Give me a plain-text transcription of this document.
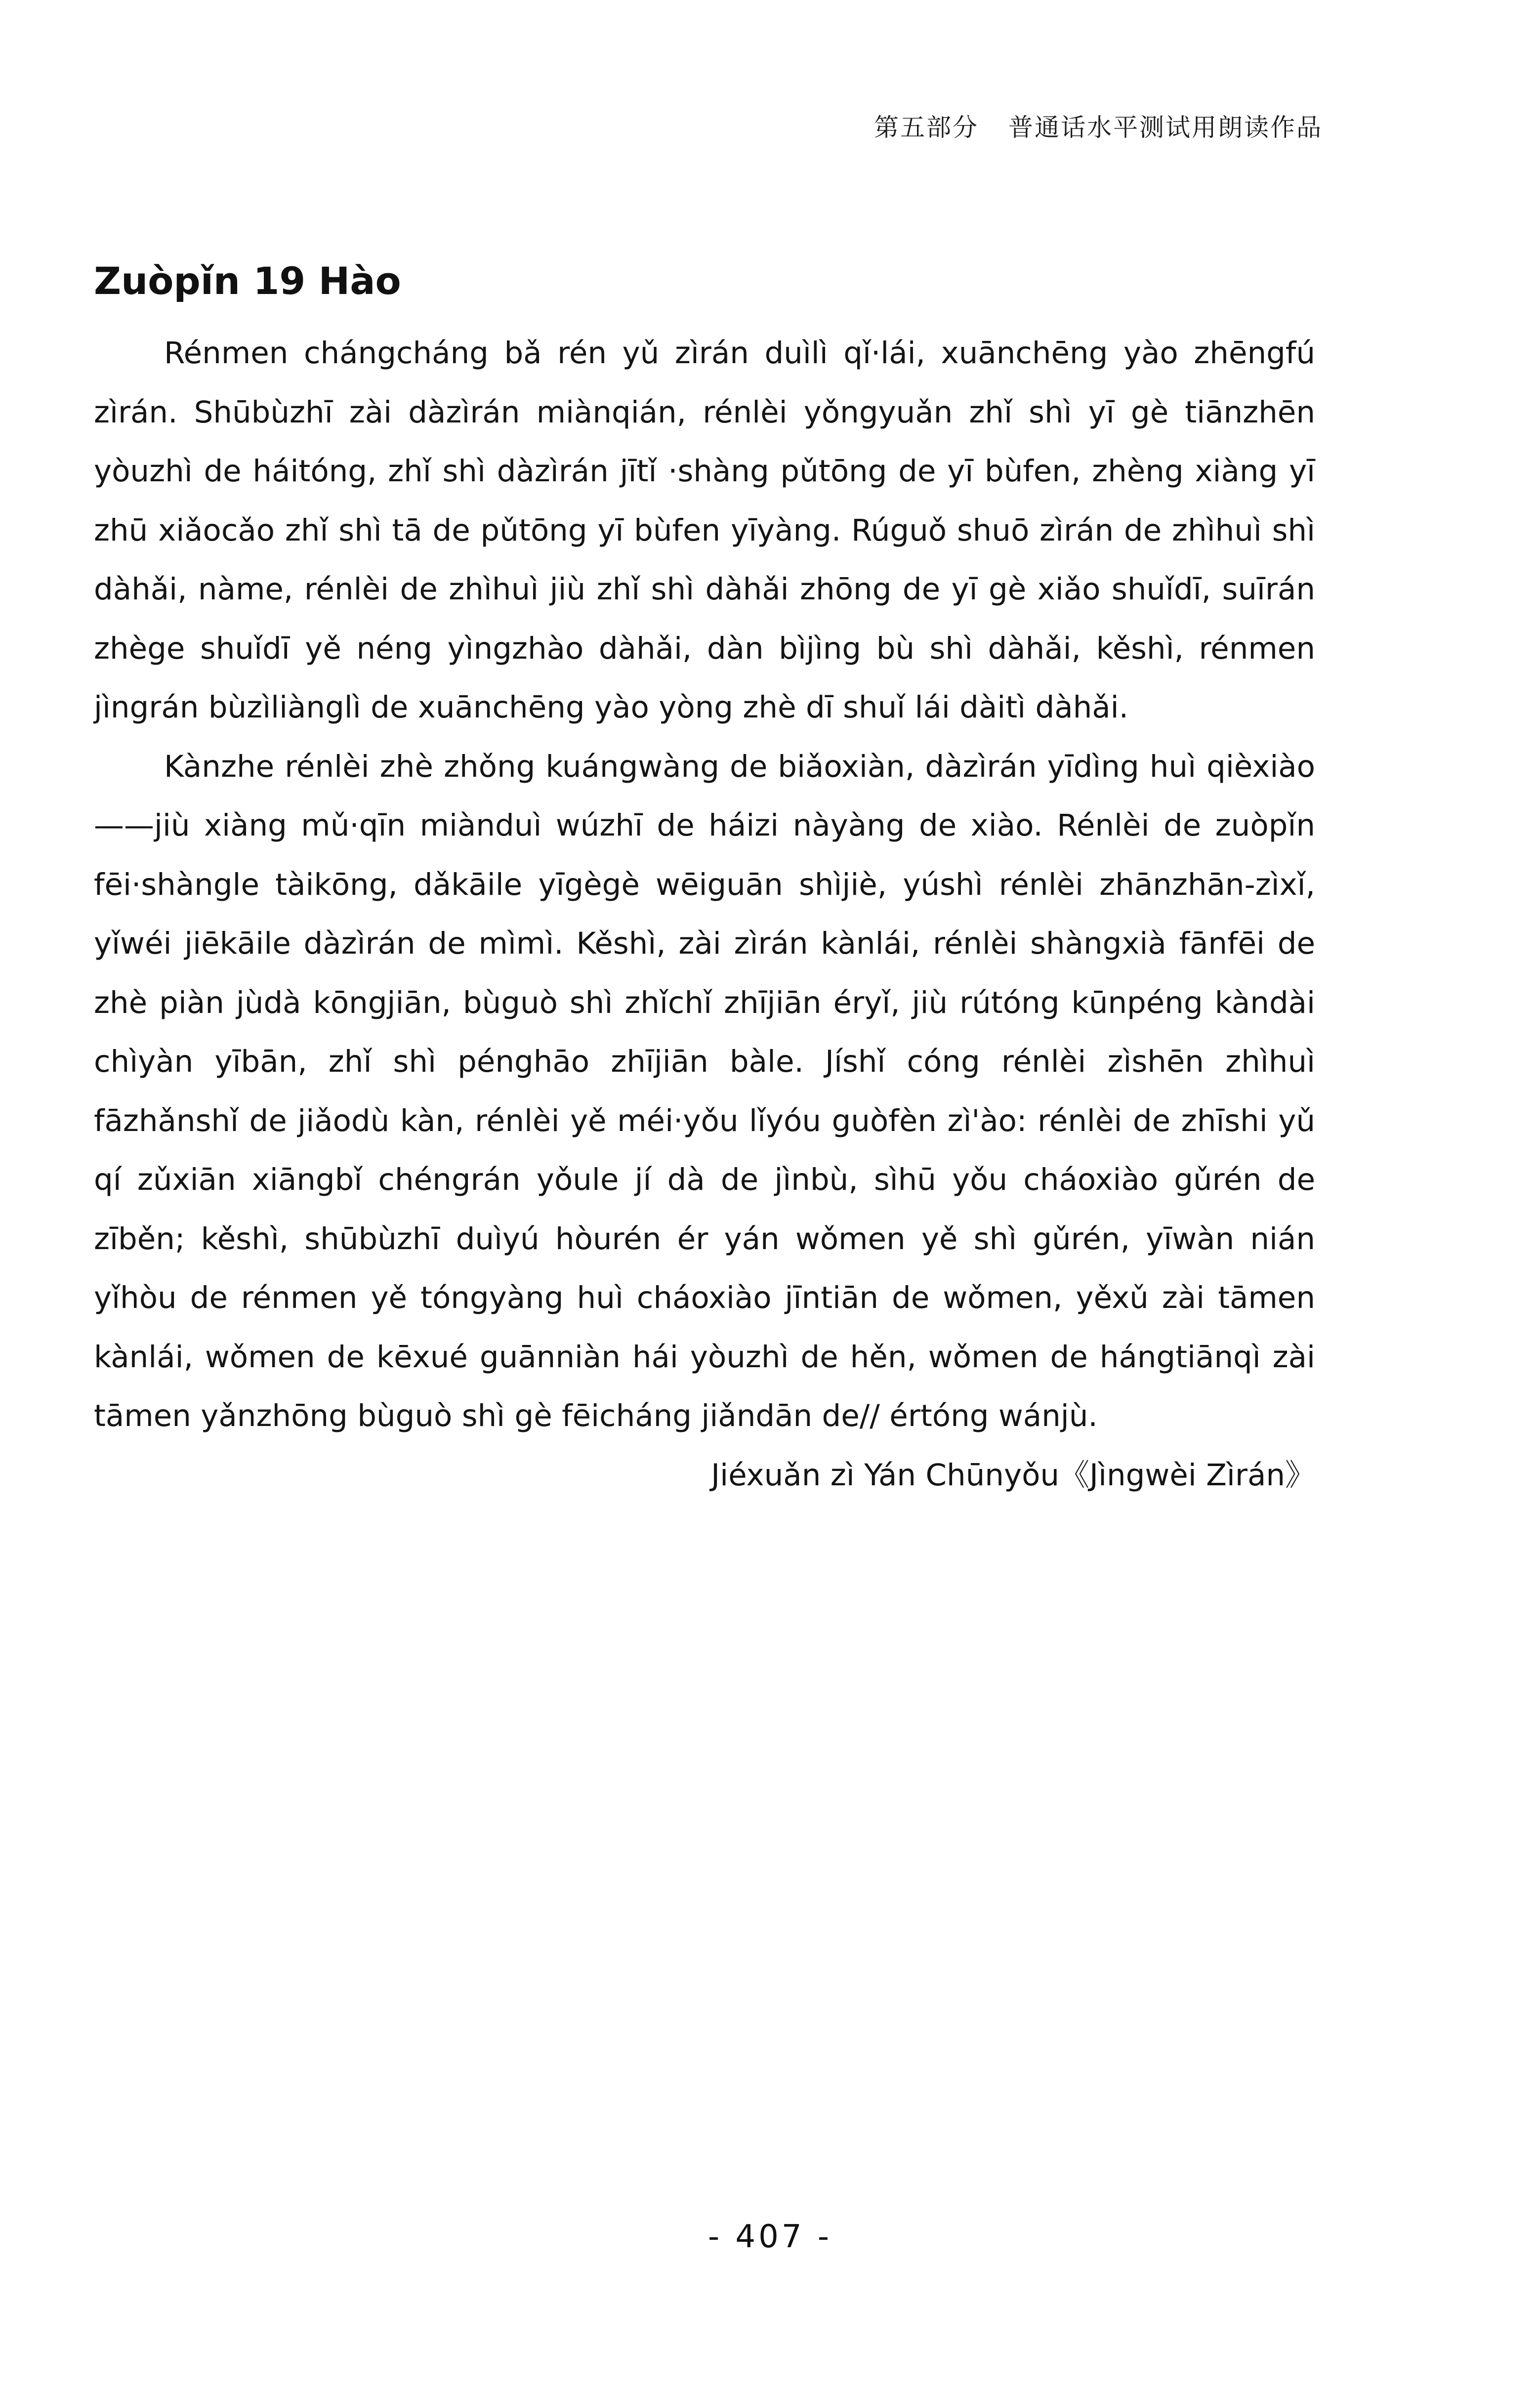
第五部分 普通话水平测试用朗读作品
Zuòpǐn 19 Hào

Rénmen chángcháng bǎ rén yǔ zìrán duìlì qǐ·lái, xuānchēng yào zhēngfú zìrán. Shūbùzhī zài dàzìrán miànqián, rénlèi yǒngyuǎn zhǐ shì yī gè tiānzhēn yòuzhì de háitóng, zhǐ shì dàzìrán jītǐ ·shàng pǔtōng de yī bùfen, zhèng xiàng yī zhū xiǎocǎo zhǐ shì tā de pǔtōng yī bùfen yīyàng. Rúguǒ shuō zìrán de zhìhuì shì dàhǎi, nàme, rénlèi de zhìhuì jiù zhǐ shì dàhǎi zhōng de yī gè xiǎo shuǐdī, suīrán zhège shuǐdī yě néng yìngzhào dàhǎi, dàn bìjìng bù shì dàhǎi, kěshì, rénmen jìngrán bùzìliànglì de xuānchēng yào yòng zhè dī shuǐ lái dàitì dàhǎi.

Kànzhe rénlèi zhè zhǒng kuángwàng de biǎoxiàn, dàzìrán yīdìng huì qièxiào——jiù xiàng mǔ·qīn miànduì wúzhī de háizi nàyàng de xiào. Rénlèi de zuòpǐn fēi·shàngle tàikōng, dǎkāile yīgègè wēiguān shìjiè, yúshì rénlèi zhānzhān-zìxǐ, yǐwéi jiēkāile dàzìrán de mìmì. Kěshì, zài zìrán kànlái, rénlèi shàngxià fānfēi de zhè piàn jùdà kōngjiān, bùguò shì zhǐchǐ zhījiān éryǐ, jiù rútóng kūnpéng kàndài chìyàn yībān, zhǐ shì pénghāo zhījiān bàle. Jíshǐ cóng rénlèi zìshēn zhìhuì fāzhǎnshǐ de jiǎodù kàn, rénlèi yě méi·yǒu lǐyóu guòfèn zì'ào: rénlèi de zhīshi yǔ qí zǔxiān xiāngbǐ chéngrán yǒule jí dà de jìnbù, sìhū yǒu cháoxiào gǔrén de zīběn; kěshì, shūbùzhī duìyú hòurén ér yán wǒmen yě shì gǔrén, yīwàn nián yǐhòu de rénmen yě tóngyàng huì cháoxiào jīntiān de wǒmen, yěxǔ zài tāmen kànlái, wǒmen de kēxué guānniàn hái yòuzhì de hěn, wǒmen de hángtiānqì zài tāmen yǎnzhōng bùguò shì gè fēicháng jiǎndān de// értóng wánjù.

Jiéxuǎn zì Yán Chūnyǒu《Jìngwèi Zìrán》

- 407 -
